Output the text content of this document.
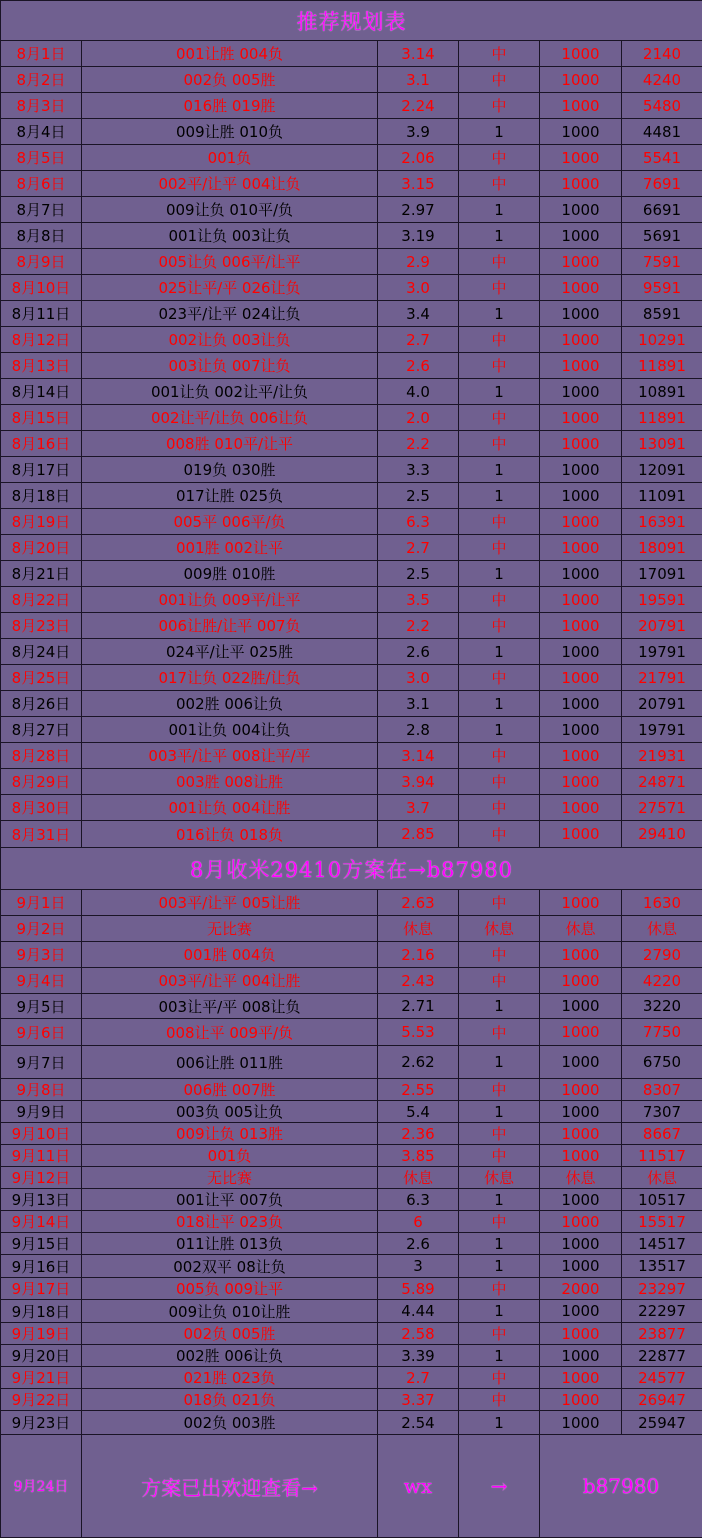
推荐规划表					
8月1日	001让胜 004负	3.14	中	1000	2140
8月2日	002负 005胜	3.1	中	1000	4240
8月3日	016胜 019胜	2.24	中	1000	5480
8月4日	009让胜 010负	3.9	1	1000	4481
8月5日	001负	2.06	中	1000	5541
8月6日	002平/让平 004让负	3.15	中	1000	7691
8月7日	009让负 010平/负	2.97	1	1000	6691
8月8日	001让负 003让负	3.19	1	1000	5691
8月9日	005让负 006平/让平	2.9	中	1000	7591
8月10日	025让平/平 026让负	3.0	中	1000	9591
8月11日	023平/让平 024让负	3.4	1	1000	8591
8月12日	002让负 003让负	2.7	中	1000	10291
8月13日	003让负 007让负	2.6	中	1000	11891
8月14日	001让负 002让平/让负	4.0	1	1000	10891
8月15日	002让平/让负 006让负	2.0	中	1000	11891
8月16日	008胜 010平/让平	2.2	中	1000	13091
8月17日	019负 030胜	3.3	1	1000	12091
8月18日	017让胜 025负	2.5	1	1000	11091
8月19日	005平 006平/负	6.3	中	1000	16391
8月20日	001胜 002让平	2.7	中	1000	18091
8月21日	009胜 010胜	2.5	1	1000	17091
8月22日	001让负 009平/让平	3.5	中	1000	19591
8月23日	006让胜/让平 007负	2.2	中	1000	20791
8月24日	024平/让平 025胜	2.6	1	1000	19791
8月25日	017让负 022胜/让负	3.0	中	1000	21791
8月26日	002胜 006让负	3.1	1	1000	20791
8月27日	001让负 004让负	2.8	1	1000	19791
8月28日	003平/让平 008让平/平	3.14	中	1000	21931
8月29日	003胜 008让胜	3.94	中	1000	24871
8月30日	001让负 004让胜	3.7	中	1000	27571
8月31日	016让负 018负	2.85	中	1000	29410
8月收米29410方案在→b87980					
9月1日	003平/让平 005让胜	2.63	中	1000	1630
9月2日	无比赛	休息	休息	休息	休息
9月3日	001胜 004负	2.16	中	1000	2790
9月4日	003平/让平 004让胜	2.43	中	1000	4220
9月5日	003让平/平 008让负	2.71	1	1000	3220
9月6日	008让平 009平/负	5.53	中	1000	7750
9月7日	006让胜 011胜	2.62	1	1000	6750
9月8日	006胜 007胜	2.55	中	1000	8307
9月9日	003负 005让负	5.4	1	1000	7307
9月10日	009让负 013胜	2.36	中	1000	8667
9月11日	001负	3.85	中	1000	11517
9月12日	无比赛	休息	休息	休息	休息
9月13日	001让平 007负	6.3	1	1000	10517
9月14日	018让平 023负	6	中	1000	15517
9月15日	011让胜 013负	2.6	1	1000	14517
9月16日	002双平 08让负	3	1	1000	13517
9月17日	005负 009让平	5.89	中	2000	23297
9月18日	009让负 010让胜	4.44	1	1000	22297
9月19日	002负 005胜	2.58	中	1000	23877
9月20日	002胜 006让负	3.39	1	1000	22877
9月21日	021胜 023负	2.7	中	1000	24577
9月22日	018负 021负	3.37	中	1000	26947
9月23日	002负 003胜	2.54	1	1000	25947
9月24日	方案已出欢迎查看→	wx	→	b87980	
